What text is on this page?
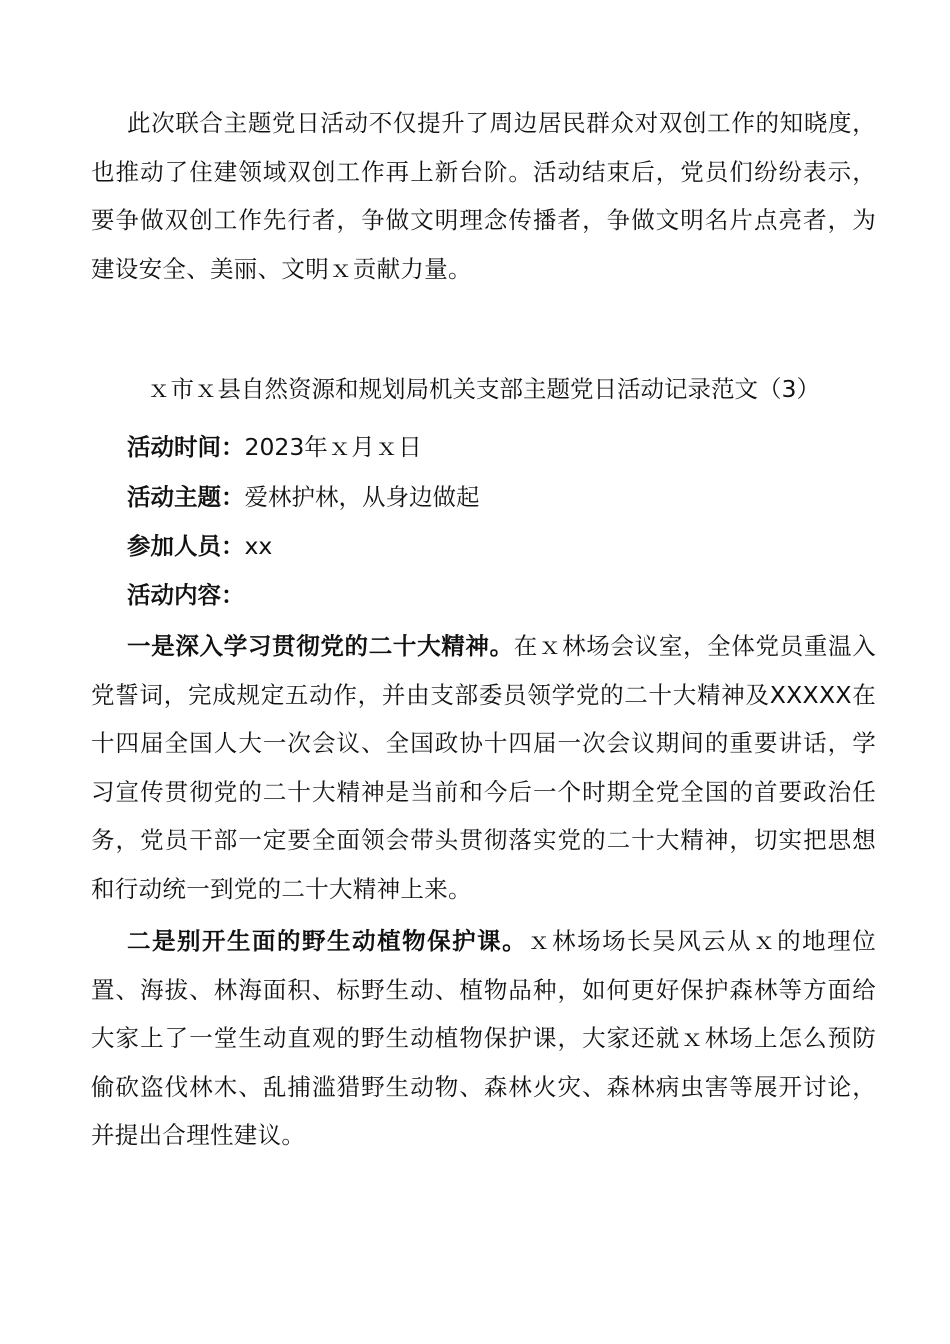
此次联合主题党日活动不仅提升了周边居民群众对双创工作的知晓度，也推动了住建领域双创工作再上新台阶。活动结束后，党员们纷纷表示，要争做双创工作先行者，争做文明理念传播者，争做文明名片点亮者，为建设安全、美丽、文明ｘ贡献力量。

ｘ市ｘ县自然资源和规划局机关支部主题党日活动记录范文（3）

活动时间：2023年ｘ月ｘ日

活动主题：爱林护林，从身边做起

参加人员：xx

活动内容：

一是深入学习贯彻党的二十大精神。在ｘ林场会议室，全体党员重温入党誓词，完成规定五动作，并由支部委员领学党的二十大精神及XXXXX在十四届全国人大一次会议、全国政协十四届一次会议期间的重要讲话，学习宣传贯彻党的二十大精神是当前和今后一个时期全党全国的首要政治任务，党员干部一定要全面领会带头贯彻落实党的二十大精神，切实把思想和行动统一到党的二十大精神上来。

二是别开生面的野生动植物保护课。ｘ林场场长吴风云从ｘ的地理位置、海拔、林海面积、标野生动、植物品种，如何更好保护森林等方面给大家上了一堂生动直观的野生动植物保护课，大家还就ｘ林场上怎么预防偷砍盗伐林木、乱捕滥猎野生动物、森林火灾、森林病虫害等展开讨论，并提出合理性建议。
